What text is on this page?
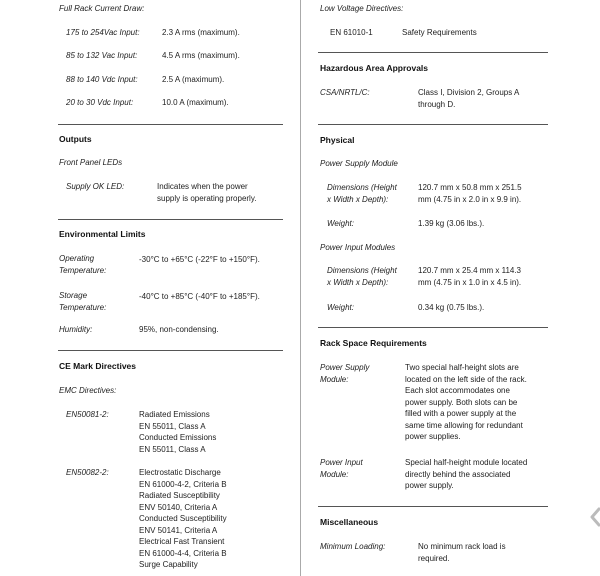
Full Rack Current Draw:
175 to 254Vac Input:	2.3 A rms (maximum).
85 to 132 Vac Input:	4.5 A rms (maximum).
88 to 140 Vdc Input:	2.5 A (maximum).
20 to 30 Vdc Input:	10.0 A (maximum).
Outputs
Front Panel LEDs
Supply OK LED:	Indicates when the power
supply is operating properly.
Environmental Limits
Operating
Temperature:
-30°C to +65°C (-22°F to +150°F).
Storage
Temperature:
-40°C to +85°C (-40°F to +185°F).
Humidity:	95%, non-condensing.
CE Mark Directives
EMC Directives:
EN50081-2:	Radiated Emissions
EN 55011, Class A
Conducted Emissions
EN 55011, Class A
EN50082-2:	Electrostatic Discharge
EN 61000-4-2, Criteria B
Radiated Susceptibility
ENV 50140, Criteria A
Conducted Susceptibility
ENV 50141, Criteria A
Electrical Fast Transient
EN 61000-4-4, Criteria B
Surge Capability
Low Voltage Directives:
EN 61010-1	Safety Requirements
Hazardous Area Approvals
CSA/NRTL/C:	Class I, Division 2, Groups A
through D.
Physical
Power Supply Module
Dimensions (Height
x Width x Depth):
120.7 mm x 50.8 mm x 251.5
mm (4.75 in x 2.0 in x 9.9 in).
Weight:	1.39 kg (3.06 lbs.).
Power Input Modules
Dimensions (Height
x Width x Depth):
120.7 mm x 25.4 mm x 114.3
mm (4.75 in x 1.0 in x 4.5 in).
Weight:	0.34 kg (0.75 lbs.).
Rack Space Requirements
Power Supply
Module:
Two special half-height slots are
located on the left side of the rack.
Each slot accommodates one
power supply. Both slots can be
filled with a power supply at the
same time allowing for redundant
power supplies.
Power Input
Module:
Special half-height module located
directly behind the associated
power supply.
Miscellaneous
Minimum Loading:	No minimum rack load is
required.
